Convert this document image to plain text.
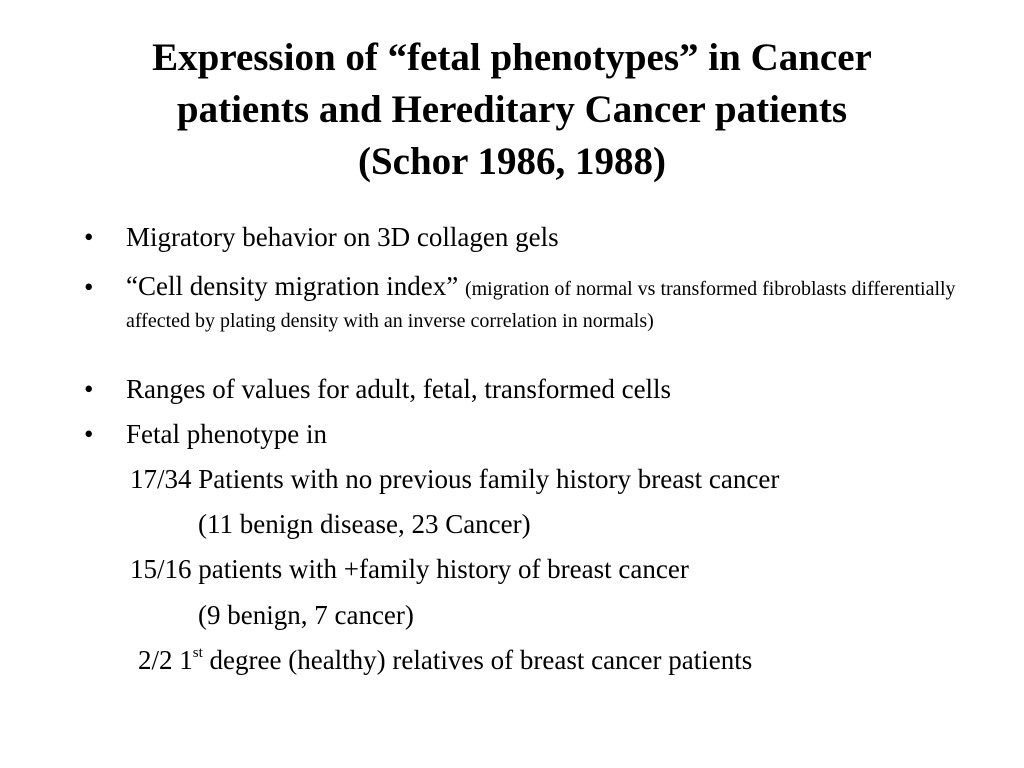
Expression of “fetal phenotypes” in Cancer
patients and Hereditary Cancer patients
(Schor 1986, 1988)
•	Migratory behavior on 3D collagen gels
•	“Cell density migration index” (migration of normal vs transformed fibroblasts differentially affected by plating density with an inverse correlation in normals)
•	Ranges of values for adult, fetal, transformed cells
•	Fetal phenotype in
17/34 Patients with no previous family history breast cancer
(11 benign disease, 23 Cancer)
15/16 patients with +family history of breast cancer
(9 benign, 7 cancer)
2/2 1st degree (healthy) relatives of breast cancer patients
